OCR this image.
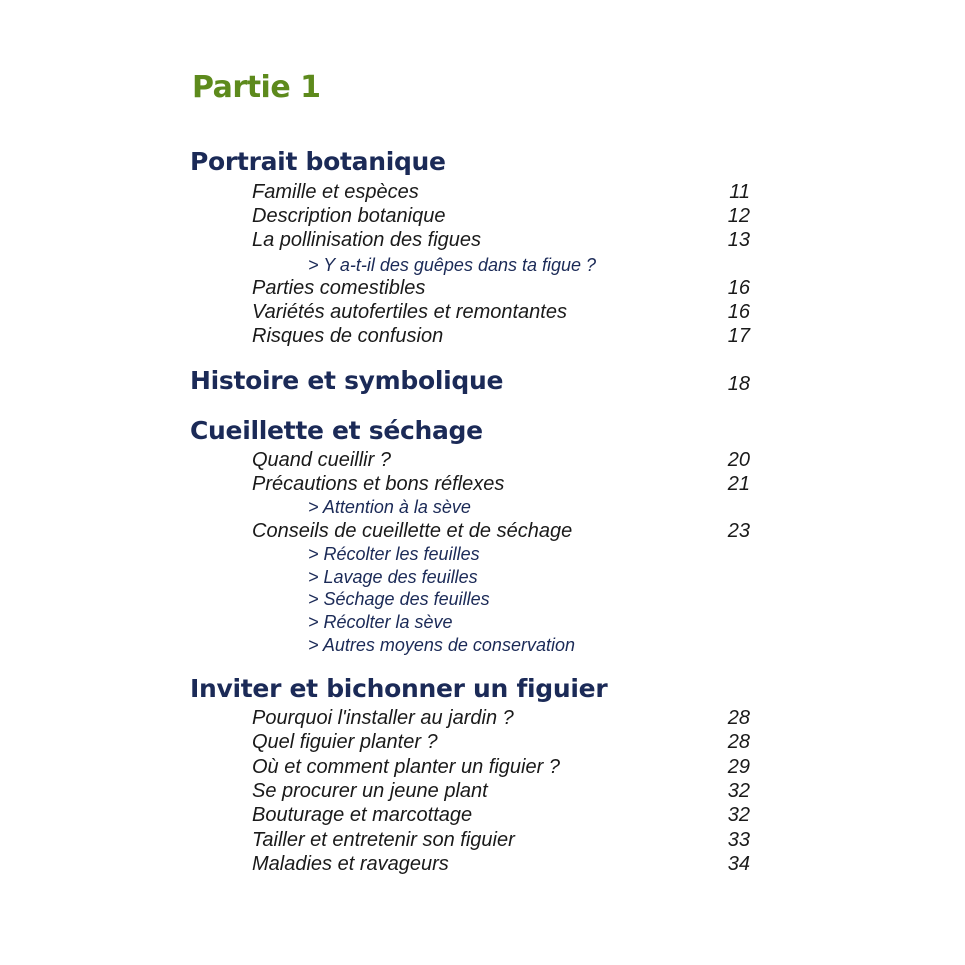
Partie 1
Portrait botanique
Famille et espèces	11
Description botanique	12
La pollinisation des figues	13
> Y a-t-il des guêpes dans ta figue ?
Parties comestibles	16
Variétés autofertiles et remontantes	16
Risques de confusion	17
Histoire et symbolique	18
Cueillette et séchage
Quand cueillir ?	20
Précautions et bons réflexes	21
> Attention à la sève
Conseils de cueillette et de séchage	23
> Récolter les feuilles
> Lavage des feuilles
> Séchage des feuilles
> Récolter la sève
> Autres moyens de conservation
Inviter et bichonner un figuier
Pourquoi l'installer au jardin ?	28
Quel figuier planter ?	28
Où et comment planter un figuier ?	29
Se procurer un jeune plant	32
Bouturage et marcottage	32
Tailler et entretenir son figuier	33
Maladies et ravageurs	34
